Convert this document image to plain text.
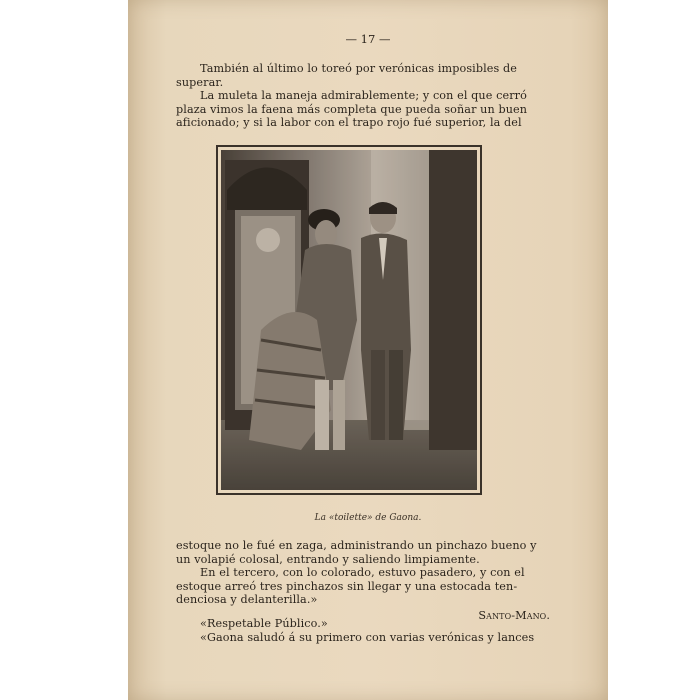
— 17 —
También al último lo toreó por verónicas imposibles de
superar.
La muleta la maneja admirablemente; y con el que cerró
plaza vimos la faena más completa que pueda soñar un buen
aficionado; y si la labor con el trapo rojo fué superior, la del
La «toilette» de Gaona.
estoque no le fué en zaga, administrando un pinchazo bueno y
un volapié colosal, entrando y saliendo limpiamente.
En el tercero, con lo colorado, estuvo pasadero, y con el
estoque arreó tres pinchazos sin llegar y una estocada ten-
denciosa y delanterilla.»
Santo-Mano.
«Respetable Público.»
«Gaona saludó á su primero con varias verónicas y lances
